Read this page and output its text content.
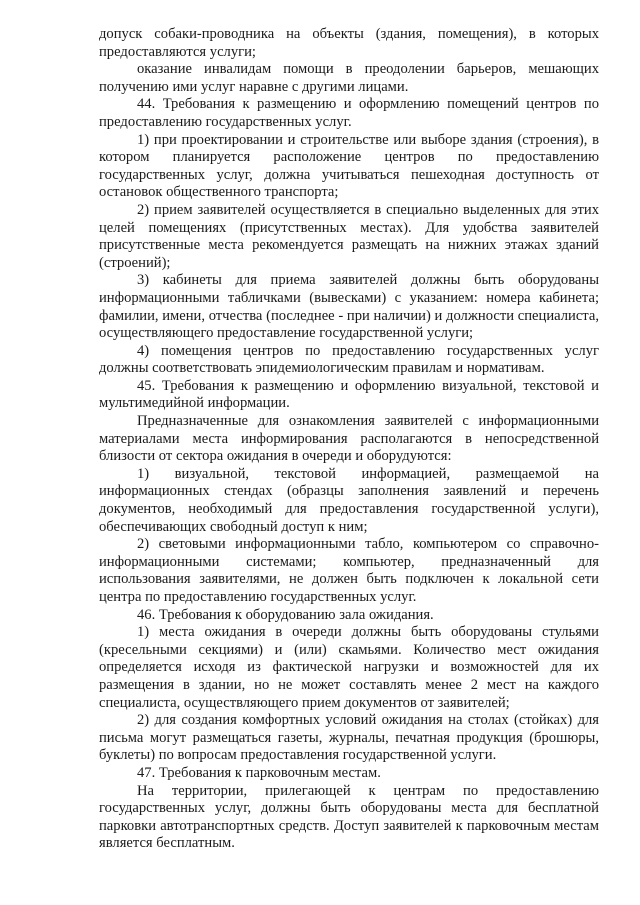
допуск собаки-проводника на объекты (здания, помещения), в которых предоставляются услуги;

оказание инвалидам помощи в преодолении барьеров, мешающих получению ими услуг наравне с другими лицами.

44. Требования к размещению и оформлению помещений центров по предоставлению государственных услуг.

1) при проектировании и строительстве или выборе здания (строения), в котором планируется расположение центров по предоставлению государственных услуг, должна учитываться пешеходная доступность от остановок общественного транспорта;

2) прием заявителей осуществляется в специально выделенных для этих целей помещениях (присутственных местах). Для удобства заявителей присутственные места рекомендуется размещать на нижних этажах зданий (строений);

3) кабинеты для приема заявителей должны быть оборудованы информационными табличками (вывесками) с указанием: номера кабинета; фамилии, имени, отчества (последнее - при наличии) и должности специалиста, осуществляющего предоставление государственной услуги;

4) помещения центров по предоставлению государственных услуг должны соответствовать эпидемиологическим правилам и нормативам.

45. Требования к размещению и оформлению визуальной, текстовой и мультимедийной информации.

Предназначенные для ознакомления заявителей с информационными материалами места информирования располагаются в непосредственной близости от сектора ожидания в очереди и оборудуются:

1) визуальной, текстовой информацией, размещаемой на информационных стендах (образцы заполнения заявлений и перечень документов, необходимый для предоставления государственной услуги), обеспечивающих свободный доступ к ним;

2) световыми информационными табло, компьютером со справочно-информационными системами; компьютер, предназначенный для использования заявителями, не должен быть подключен к локальной сети центра по предоставлению государственных услуг.

46. Требования к оборудованию зала ожидания.

1) места ожидания в очереди должны быть оборудованы стульями (кресельными секциями) и (или) скамьями. Количество мест ожидания определяется исходя из фактической нагрузки и возможностей для их размещения в здании, но не может составлять менее 2 мест на каждого специалиста, осуществляющего прием документов от заявителей;

2) для создания комфортных условий ожидания на столах (стойках) для письма могут размещаться газеты, журналы, печатная продукция (брошюры, буклеты) по вопросам предоставления государственной услуги.

47. Требования к парковочным местам.

На территории, прилегающей к центрам по предоставлению государственных услуг, должны быть оборудованы места для бесплатной парковки автотранспортных средств. Доступ заявителей к парковочным местам является бесплатным.
